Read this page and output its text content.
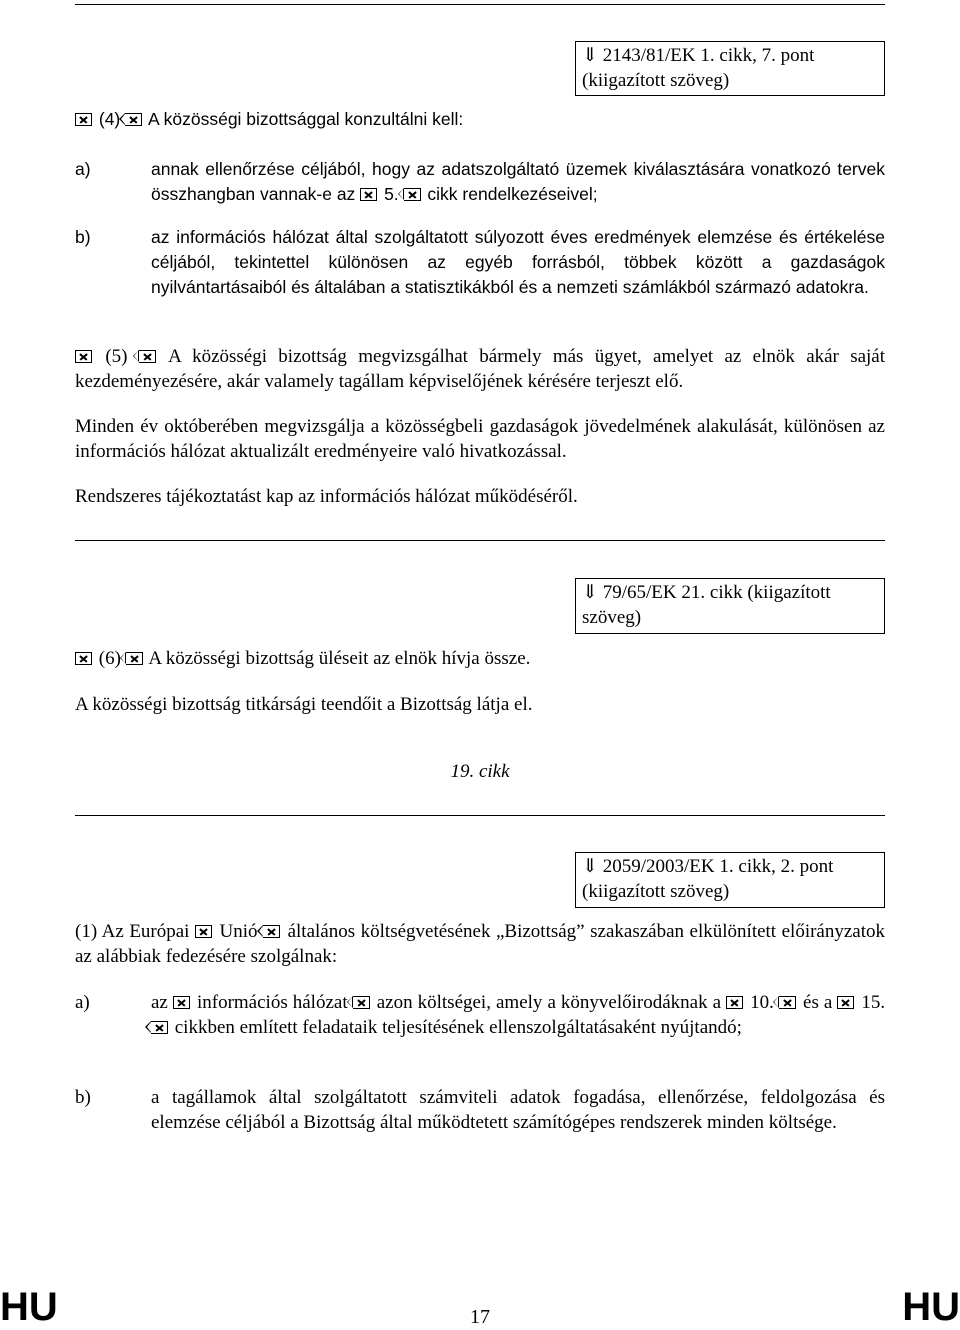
⇓ 2143/81/EK 1. cikk, 7. pont (kiigazított szöveg)
(4) A közösségi bizottsággal konzultálni kell:
a)	annak ellenőrzése céljából, hogy az adatszolgáltató üzemek kiválasztására vonatkozó tervek összhangban vannak-e az 5. cikk rendelkezéseivel;
b)	az információs hálózat által szolgáltatott súlyozott éves eredmények elemzése és értékelése céljából, tekintettel különösen az egyéb forrásból, többek között a gazdaságok nyilvántartásaiból és általában a statisztikákból és a nemzeti számlákból származó adatokra.
(5) A közösségi bizottság megvizsgálhat bármely más ügyet, amelyet az elnök akár saját kezdeményezésére, akár valamely tagállam képviselőjének kérésére terjeszt elő.
Minden év októberében megvizsgálja a közösségbeli gazdaságok jövedelmének alakulását, különösen az információs hálózat aktualizált eredményeire való hivatkozással.
Rendszeres tájékoztatást kap az információs hálózat működéséről.
⇓ 79/65/EK 21. cikk (kiigazított szöveg)
(6) A közösségi bizottság üléseit az elnök hívja össze.
A közösségi bizottság titkársági teendőit a Bizottság látja el.
19. cikk
⇓ 2059/2003/EK 1. cikk, 2. pont (kiigazított szöveg)
(1) Az Európai Unió általános költségvetésének „Bizottság” szakaszában elkülönített előirányzatok az alábbiak fedezésére szolgálnak:
a)	az információs hálózat azon költségei, amely a könyvelőirodáknak a 10. és a 15.
cikkben említett feladataik teljesítésének ellenszolgáltatásaként nyújtandó;
b)	a tagállamok által szolgáltatott számviteli adatok fogadása, ellenőrzése, feldolgozása és elemzése céljából a Bizottság által működtetett számítógépes rendszerek minden költsége.
HU	17	HU
